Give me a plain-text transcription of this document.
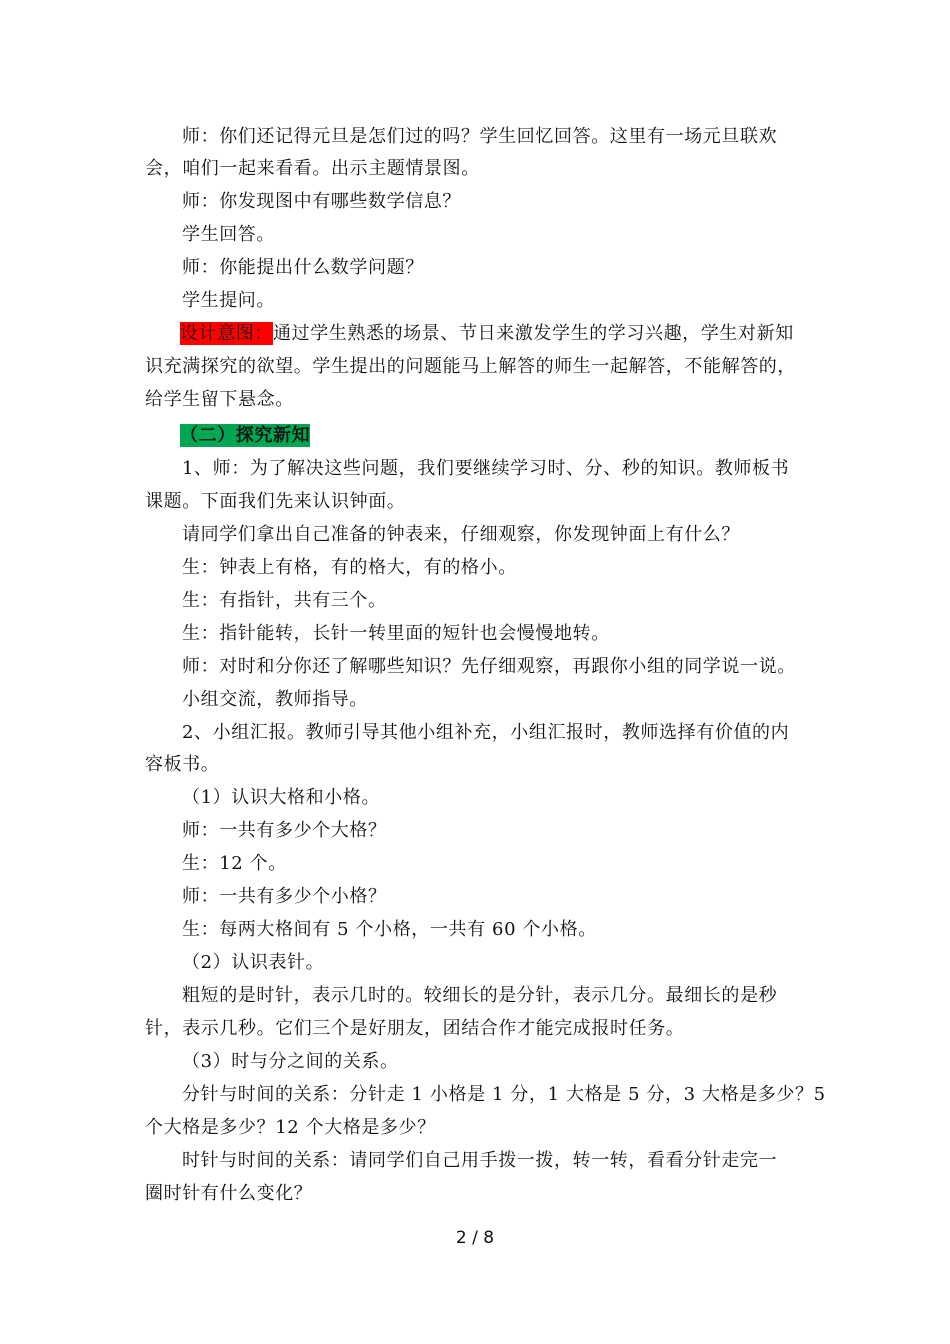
师：你们还记得元旦是怎们过的吗？学生回忆回答。这里有一场元旦联欢
会，咱们一起来看看。出示主题情景图。
师：你发现图中有哪些数学信息？
学生回答。
师：你能提出什么数学问题？
学生提问。
设计意图：通过学生熟悉的场景、节日来激发学生的学习兴趣，学生对新知
识充满探究的欲望。学生提出的问题能马上解答的师生一起解答，不能解答的，
给学生留下悬念。
（二）探究新知
1、师：为了解决这些问题，我们要继续学习时、分、秒的知识。教师板书
课题。下面我们先来认识钟面。
请同学们拿出自己准备的钟表来，仔细观察，你发现钟面上有什么？
生：钟表上有格，有的格大，有的格小。
生：有指针，共有三个。
生：指针能转，长针一转里面的短针也会慢慢地转。
师：对时和分你还了解哪些知识？先仔细观察，再跟你小组的同学说一说。
小组交流，教师指导。
2、小组汇报。教师引导其他小组补充，小组汇报时，教师选择有价值的内
容板书。
（1）认识大格和小格。
师：一共有多少个大格？
生：12 个。
师：一共有多少个小格？
生：每两大格间有 5 个小格，一共有 60 个小格。
（2）认识表针。
粗短的是时针，表示几时的。较细长的是分针，表示几分。最细长的是秒
针，表示几秒。它们三个是好朋友，团结合作才能完成报时任务。
（3）时与分之间的关系。
分针与时间的关系：分针走 1 小格是 1 分，1 大格是 5 分，3 大格是多少？5
个大格是多少？12 个大格是多少？
时针与时间的关系：请同学们自己用手拨一拨，转一转，看看分针走完一
圈时针有什么变化？
2 / 8
